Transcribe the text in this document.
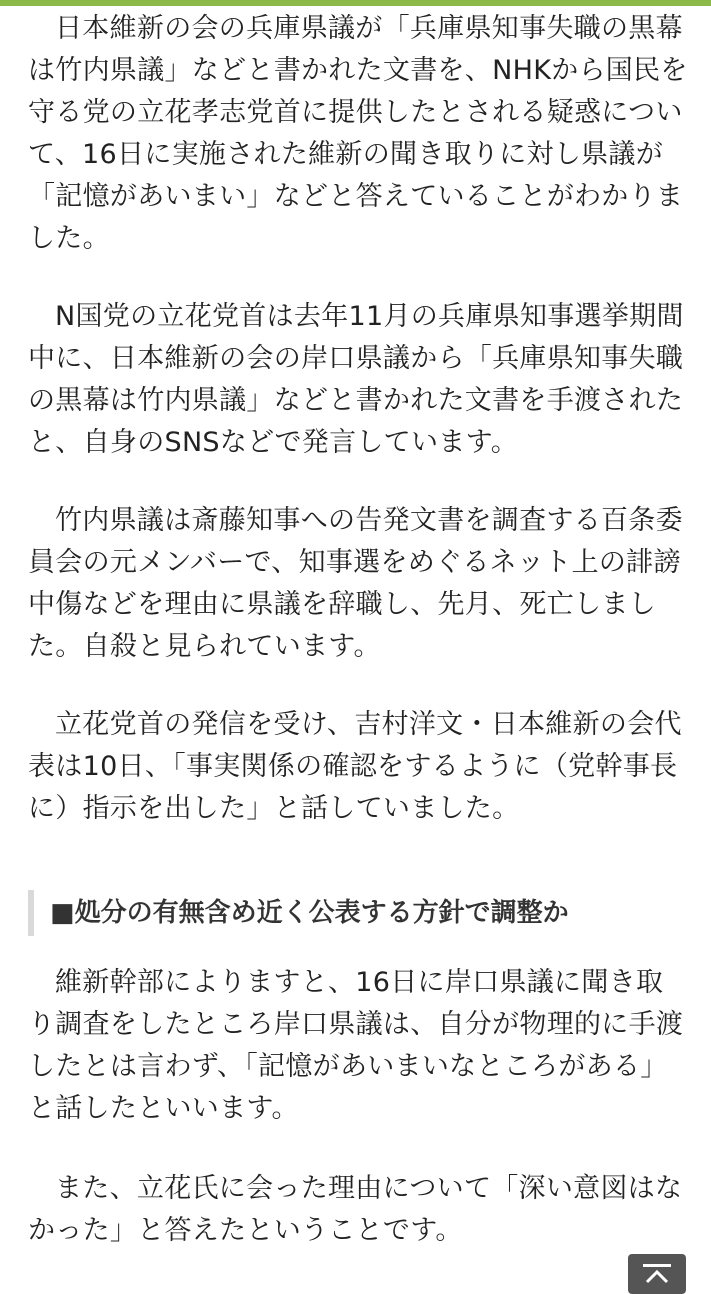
日本維新の会の兵庫県議が「兵庫県知事失職の黒幕は竹内県議」などと書かれた文書を、NHKから国民を守る党の立花孝志党首に提供したとされる疑惑について、16日に実施された維新の聞き取りに対し県議が「記憶があいまい」などと答えていることがわかりました。

N国党の立花党首は去年11月の兵庫県知事選挙期間中に、日本維新の会の岸口県議から「兵庫県知事失職の黒幕は竹内県議」などと書かれた文書を手渡されたと、自身のSNSなどで発言しています。

竹内県議は斎藤知事への告発文書を調査する百条委員会の元メンバーで、知事選をめぐるネット上の誹謗中傷などを理由に県議を辞職し、先月、死亡しました。自殺と見られています。

立花党首の発信を受け、吉村洋文・日本維新の会代表は10日、「事実関係の確認をするように（党幹事長に）指示を出した」と話していました。

■処分の有無含め近く公表する方針で調整か

維新幹部によりますと、16日に岸口県議に聞き取り調査をしたところ岸口県議は、自分が物理的に手渡したとは言わず、「記憶があいまいなところがある」と話したといいます。

また、立花氏に会った理由について「深い意図はなかった」と答えたということです。
